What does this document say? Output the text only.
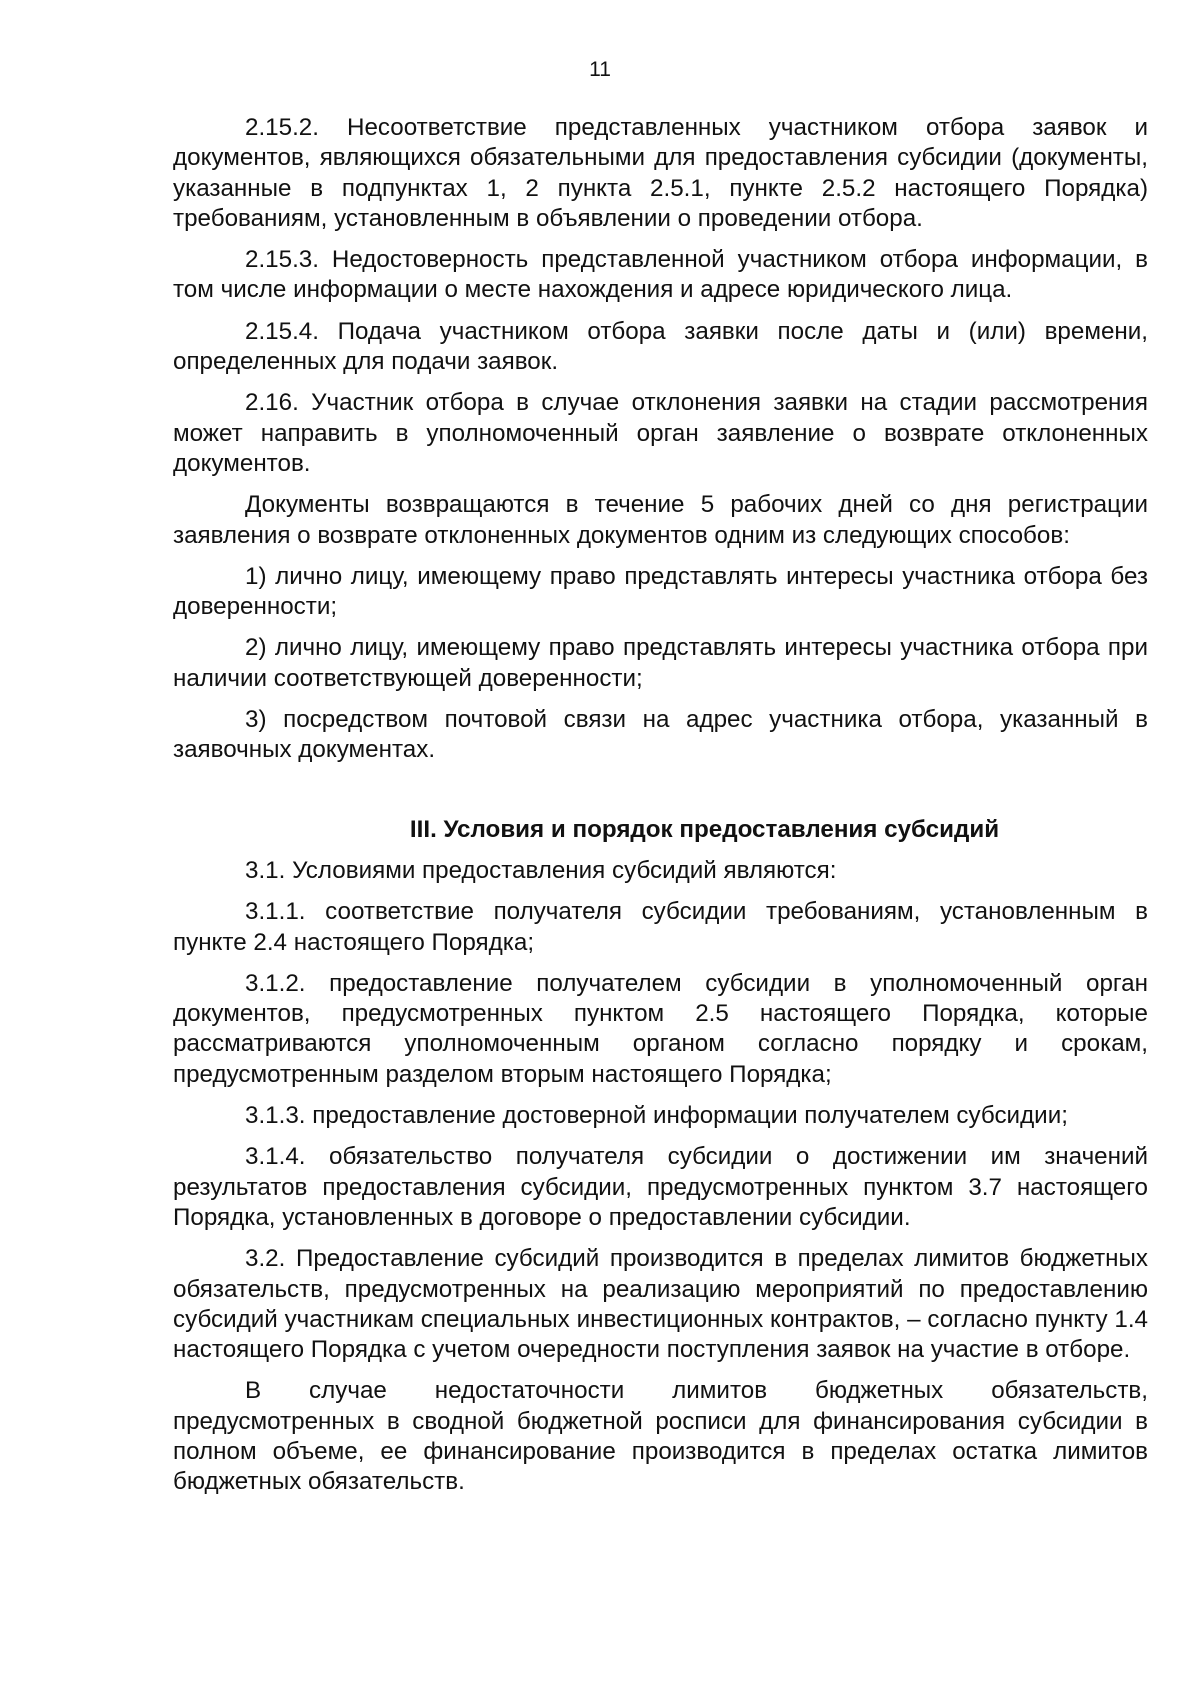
11

2.15.2. Несоответствие представленных участником отбора заявок и документов, являющихся обязательными для предоставления субсидии (документы, указанные в подпунктах 1, 2 пункта 2.5.1, пункте 2.5.2 настоящего Порядка) требованиям, установленным в объявлении о проведении отбора.

2.15.3. Недостоверность представленной участником отбора информации, в том числе информации о месте нахождения и адресе юридического лица.

2.15.4. Подача участником отбора заявки после даты и (или) времени, определенных для подачи заявок.

2.16. Участник отбора в случае отклонения заявки на стадии рассмотрения может направить в уполномоченный орган заявление о возврате отклоненных документов.

Документы возвращаются в течение 5 рабочих дней со дня регистрации заявления о возврате отклоненных документов одним из следующих способов:

1) лично лицу, имеющему право представлять интересы участника отбора без доверенности;

2) лично лицу, имеющему право представлять интересы участника отбора при наличии соответствующей доверенности;

3) посредством почтовой связи на адрес участника отбора, указанный в заявочных документах.

III. Условия и порядок предоставления субсидий

3.1. Условиями предоставления субсидий являются:

3.1.1. соответствие получателя субсидии требованиям, установленным в пункте 2.4 настоящего Порядка;

3.1.2. предоставление получателем субсидии в уполномоченный орган документов, предусмотренных пунктом 2.5 настоящего Порядка, которые рассматриваются уполномоченным органом согласно порядку и срокам, предусмотренным разделом вторым настоящего Порядка;

3.1.3. предоставление достоверной информации получателем субсидии;

3.1.4. обязательство получателя субсидии о достижении им значений результатов предоставления субсидии, предусмотренных пунктом 3.7 настоящего Порядка, установленных в договоре о предоставлении субсидии.

3.2. Предоставление субсидий производится в пределах лимитов бюджетных обязательств, предусмотренных на реализацию мероприятий по предоставлению субсидий участникам специальных инвестиционных контрактов, – согласно пункту 1.4 настоящего Порядка с учетом очередности поступления заявок на участие в отборе.

В случае недостаточности лимитов бюджетных обязательств, предусмотренных в сводной бюджетной росписи для финансирования субсидии в полном объеме, ее финансирование производится в пределах остатка лимитов бюджетных обязательств.
